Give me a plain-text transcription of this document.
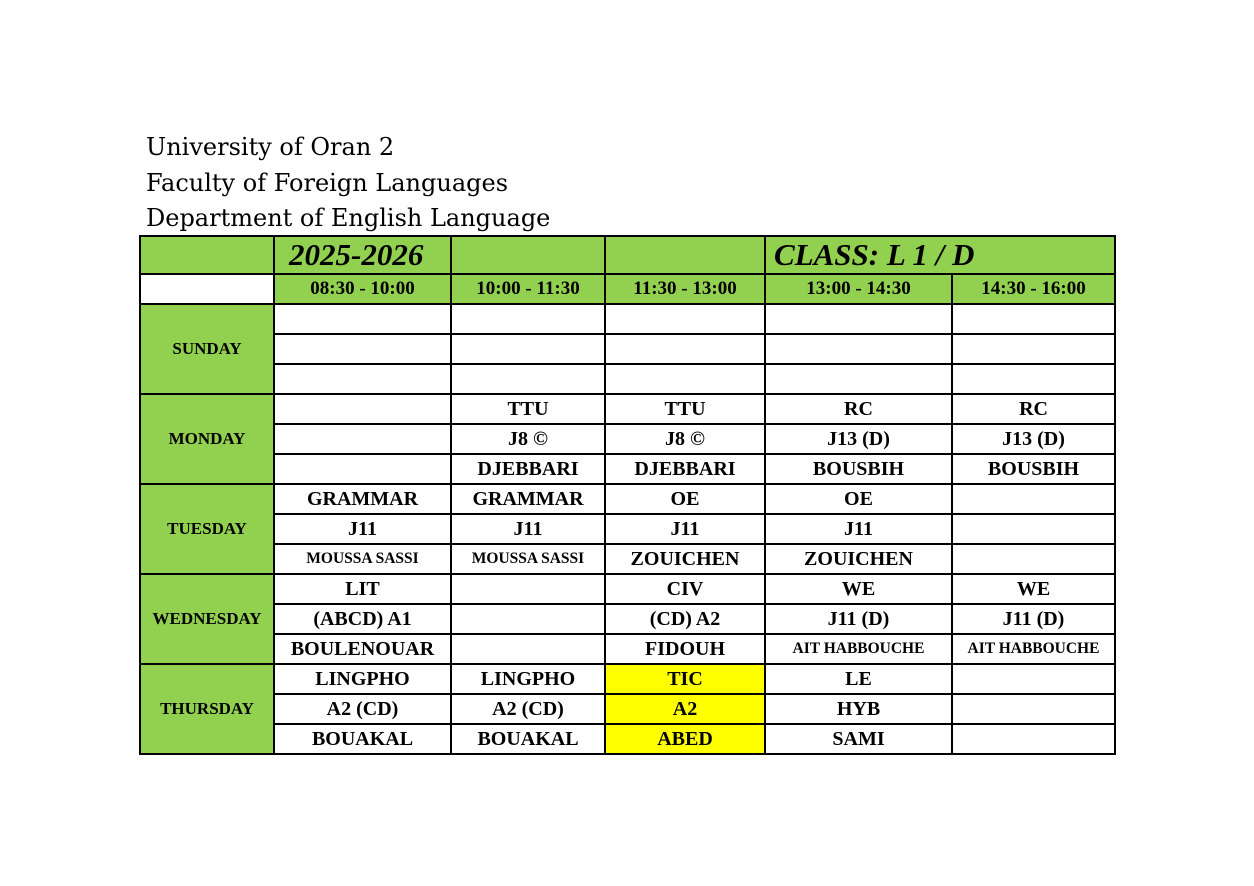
University of Oran 2
Faculty of Foreign Languages
Department of English Language
	2025-2026			CLASS: L 1 / D	
	08:30 - 10:00	10:00 - 11:30	11:30 - 13:00	13:00 - 14:30	14:30 - 16:00
SUNDAY					

MONDAY		TTU	TTU	RC	RC
		J8 ©	J8 ©	J13 (D)	J13 (D)
		DJEBBARI	DJEBBARI	BOUSBIH	BOUSBIH
TUESDAY	GRAMMAR	GRAMMAR	OE	OE	
	J11	J11	J11	J11	
	MOUSSA SASSI	MOUSSA SASSI	ZOUICHEN	ZOUICHEN	
WEDNESDAY	LIT		CIV	WE	WE
	(ABCD) A1		(CD) A2	J11 (D)	J11 (D)
	BOULENOUAR		FIDOUH	AIT HABBOUCHE	AIT HABBOUCHE
THURSDAY	LINGPHO	LINGPHO	TIC	LE	
	A2 (CD)	A2 (CD)	A2	HYB	
	BOUAKAL	BOUAKAL	ABED	SAMI	
